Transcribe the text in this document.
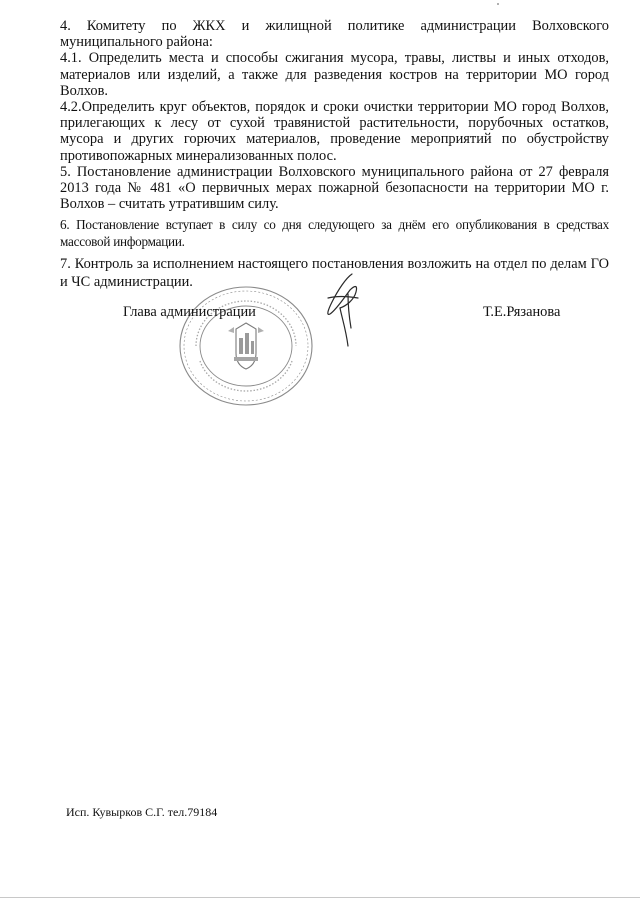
4. Комитету по ЖКХ и жилищной политике администрации Волховского муниципального района:

4.1. Определить места и способы сжигания мусора, травы, листвы и иных отходов, материалов или изделий, а также для разведения костров на территории МО город Волхов.

4.2.Определить круг объектов, порядок и сроки очистки территории МО город Волхов, прилегающих к лесу от сухой травянистой растительности, порубочных остатков, мусора и других горючих материалов, проведение мероприятий по обустройству противопожарных минерализованных полос.

5. Постановление администрации Волховского муниципального района от 27 февраля 2013 года № 481 «О первичных мерах пожарной безопасности на территории МО г. Волхов – считать утратившим силу.

6. Постановление вступает в силу со дня следующего за днём его опубликования в средствах массовой информации.

7. Контроль за исполнением настоящего постановления возложить на отдел по делам ГО и ЧС администрации.

Глава администрации	Т.Е.Рязанова
Исп. Кувырков С.Г. тел.79184
